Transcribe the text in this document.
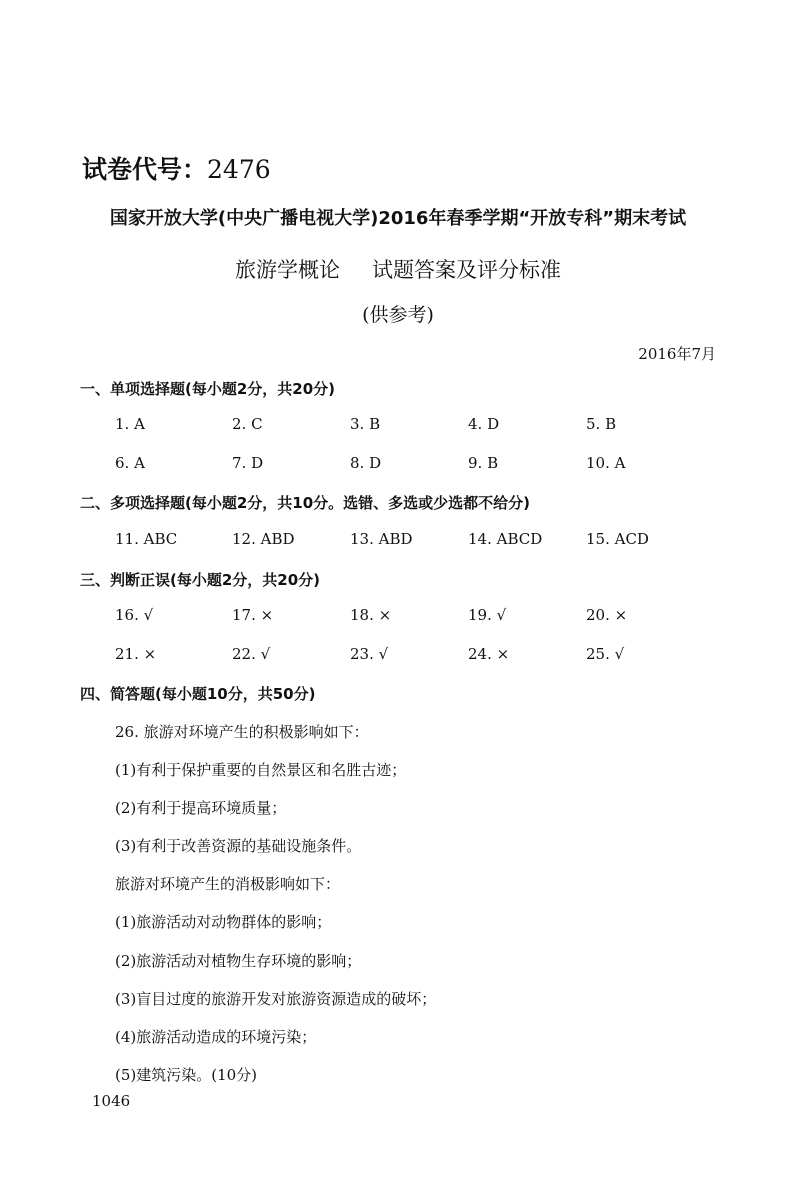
试卷代号：2476
国家开放大学(中央广播电视大学)2016年春季学期“开放专科”期末考试
旅游学概论 试题答案及评分标准
(供参考)
2016年7月
一、单项选择题(每小题2分，共20分)
1. A	2. C	3. B	4. D	5. B
6. A	7. D	8. D	9. B	10. A
二、多项选择题(每小题2分，共10分。选错、多选或少选都不给分)
11. ABC	12. ABD	13. ABD	14. ABCD	15. ACD
三、判断正误(每小题2分，共20分)
16. √	17. ×	18. ×	19. √	20. ×
21. ×	22. √	23. √	24. ×	25. √
四、简答题(每小题10分，共50分)
26. 旅游对环境产生的积极影响如下：
(1)有利于保护重要的自然景区和名胜古迹；
(2)有利于提高环境质量；
(3)有利于改善资源的基础设施条件。
旅游对环境产生的消极影响如下：
(1)旅游活动对动物群体的影响；
(2)旅游活动对植物生存环境的影响；
(3)盲目过度的旅游开发对旅游资源造成的破坏；
(4)旅游活动造成的环境污染；
(5)建筑污染。(10分)
1046
